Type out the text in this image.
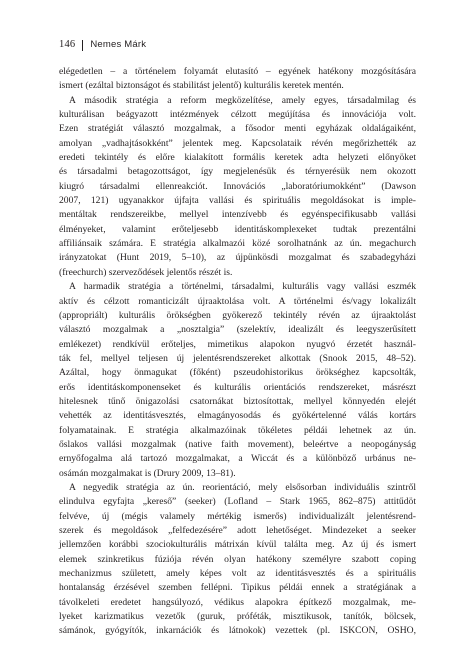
146 Nemes Márk
elégedetlen – a történelem folyamát elutasító – egyének hatékony mozgósítására
ismert (ezáltal biztonságot és stabilitást jelentő) kulturális keretek mentén.
A második stratégia a reform megközelítése, amely egyes, társadalmilag és
kulturálisan beágyazott intézmények célzott megújítása és innovációja volt.
Ezen stratégiát választó mozgalmak, a fősodor menti egyházak oldalágaiként,
amolyan „vadhajtásokként” jelentek meg. Kapcsolataik révén megőrizhették az
eredeti tekintély és előre kialakított formális keretek adta helyzeti előnyöket
és társadalmi betagozottságot, így megjelenésük és térnyerésük nem okozott
kiugró társadalmi ellenreakciót. Innovációs „laboratóriumokként” (Dawson
2007, 121) ugyanakkor újfajta vallási és spirituális megoldásokat is imple-
mentáltak rendszereikbe, mellyel intenzívebb és egyénspecifikusabb vallási
élményeket, valamint erőteljesebb identitáskomplexeket tudtak prezentálni
affiliánsaik számára. E stratégia alkalmazói közé sorolhatnánk az ún. megachurch
irányzatokat (Hunt 2019, 5–10), az újpünkösdi mozgalmat és szabadegyházi
(freechurch) szerveződések jelentős részét is.
A harmadik stratégia a történelmi, társadalmi, kulturális vagy vallási eszmék
aktív és célzott romanticizált újraaktolása volt. A történelmi és/vagy lokalizált
(appropriált) kulturális örökségben gyökerező tekintély révén az újraaktolást
választó mozgalmak a „nosztalgia” (szelektív, idealizált és leegyszerűsített
emlékezet) rendkívül erőteljes, mimetikus alapokon nyugvó érzetét használ-
ták fel, mellyel teljesen új jelentésrendszereket alkottak (Snook 2015, 48–52).
Azáltal, hogy önmagukat (főként) pszeudohistorikus örökséghez kapcsolták,
erős identitáskomponenseket és kulturális orientációs rendszereket, másrészt
hitelesnek tűnő önigazolási csatornákat biztosítottak, mellyel könnyedén elejét
vehették az identitásvesztés, elmagányosodás és gyökértelenné válás kortárs
folyamatainak. E stratégia alkalmazóinak tökéletes példái lehetnek az ún.
őslakos vallási mozgalmak (native faith movement), beleértve a neopogányság
ernyőfogalma alá tartozó mozgalmakat, a Wiccát és a különböző urbánus ne-
osámán mozgalmakat is (Drury 2009, 13–81).
A negyedik stratégia az ún. reorientáció, mely elsősorban individuális szintről
elindulva egyfajta „kereső” (seeker) (Lofland – Stark 1965, 862–875) attitűdöt
felvéve, új (mégis valamely mértékig ismerős) individualizált jelentésrend-
szerek és megoldások „felfedezésére” adott lehetőséget. Mindezeket a seeker
jellemzően korábbi szociokulturális mátrixán kívül találta meg. Az új és ismert
elemek szinkretikus fúziója révén olyan hatékony személyre szabott coping
mechanizmus született, amely képes volt az identitásvesztés és a spirituális
hontalanság érzésével szemben fellépni. Tipikus példái ennek a stratégiának a
távolkeleti eredetet hangsúlyozó, védikus alapokra építkező mozgalmak, me-
lyeket karizmatikus vezetők (guruk, próféták, misztikusok, tanítók, bölcsek,
sámánok, gyógyítók, inkarnációk és látnokok) vezettek (pl. ISKCON, OSHO,
